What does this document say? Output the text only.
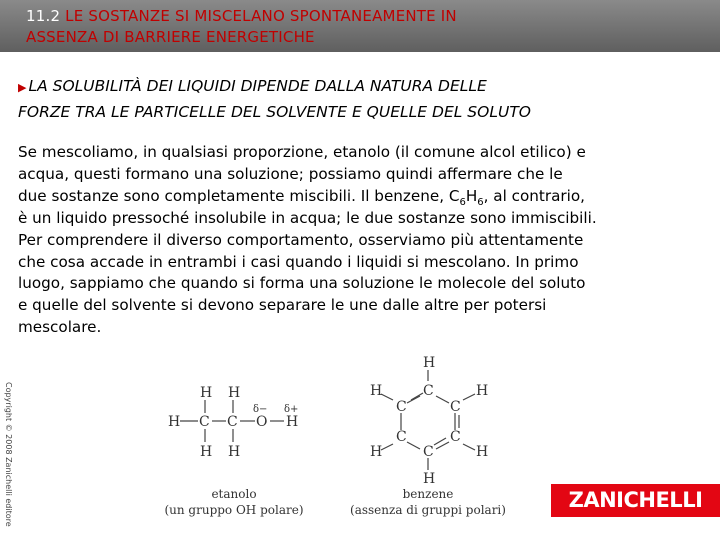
11.2 LE SOSTANZE SI MISCELANO SPONTANEAMENTE IN
ASSENZA DI BARRIERE ENERGETICHE
▶ LA SOLUBILITÀ DEI LIQUIDI DIPENDE DALLA NATURA DELLE
FORZE TRA LE PARTICELLE DEL SOLVENTE E QUELLE DEL SOLUTO
Se mescoliamo, in qualsiasi proporzione, etanolo (il comune alcol etilico) e
acqua, questi formano una soluzione; possiamo quindi affermare che le
due sostanze sono completamente miscibili. Il benzene, $C_6H_6$, al contrario,
è un liquido pressoché insolubile in acqua; le due sostanze sono immiscibili.
Per comprendere il diverso comportamento, osserviamo più attentamente
che cosa accade in entrambi i casi quando i liquidi si mescolano. In primo
luogo, sappiamo che quando si forma una soluzione le molecole del soluto
e quelle del solvente si devono separare le une dalle altre per potersi
mescolare.
Copyright © 2008 Zanichelli editore	H H
H C C O H
H H
δ− δ+
etanolo
(un gruppo OH polare)
H
C
H
C	C
H
C	C
H	H
C
H
benzene
(assenza di gruppi polari)	ZANICHELLI
